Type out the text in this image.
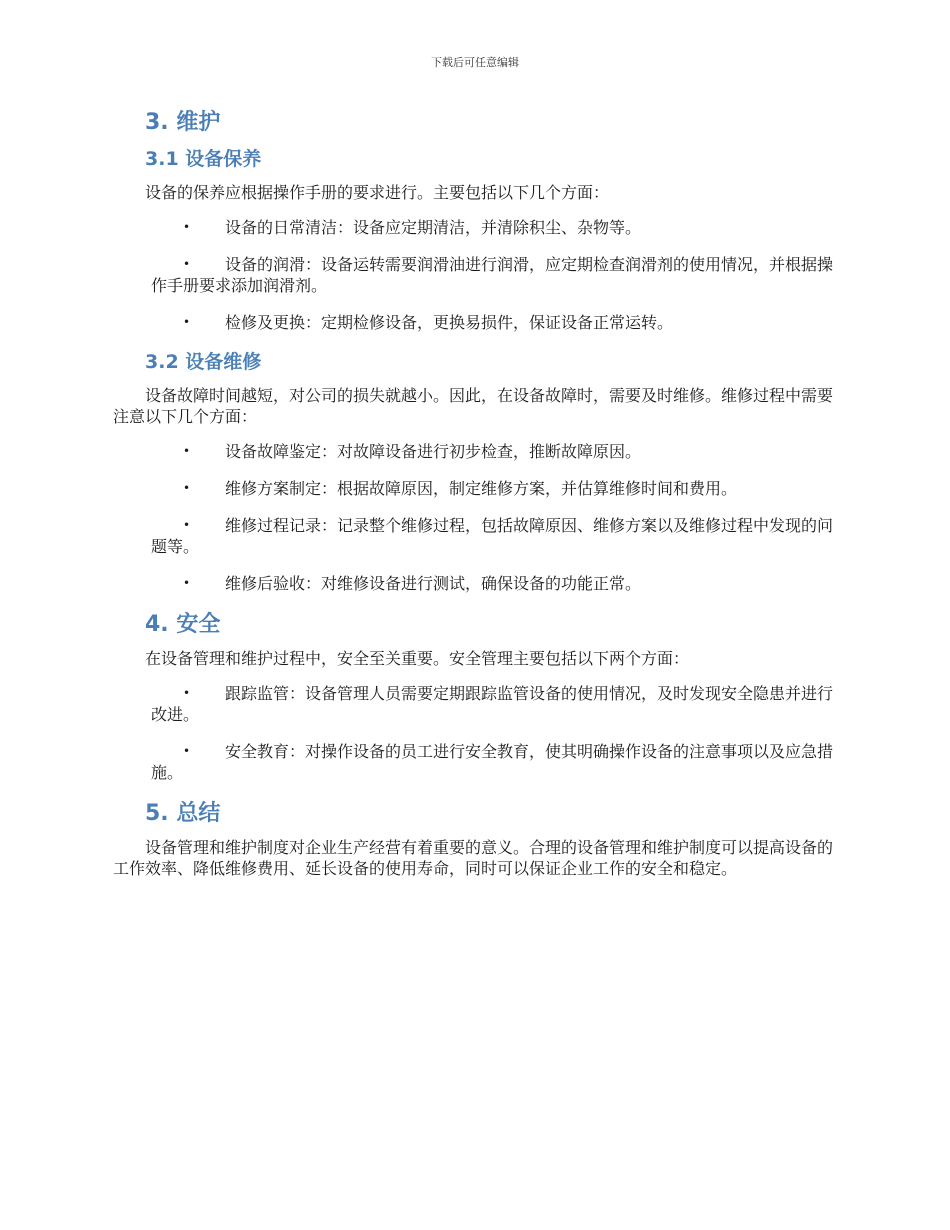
下载后可任意编辑
3. 维护
3.1 设备保养

设备的保养应根据操作手册的要求进行。主要包括以下几个方面：

•	设备的日常清洁：设备应定期清洁，并清除积尘、杂物等。
•	设备的润滑：设备运转需要润滑油进行润滑，应定期检查润滑剂的使用情况，并根据操作手册要求添加润滑剂。
•	检修及更换：定期检修设备，更换易损件，保证设备正常运转。
3.2 设备维修

设备故障时间越短，对公司的损失就越小。因此，在设备故障时，需要及时维修。维修过程中需要注意以下几个方面：

•	设备故障鉴定：对故障设备进行初步检查，推断故障原因。
•	维修方案制定：根据故障原因，制定维修方案，并估算维修时间和费用。
•	维修过程记录：记录整个维修过程，包括故障原因、维修方案以及维修过程中发现的问题等。
•	维修后验收：对维修设备进行测试，确保设备的功能正常。
4. 安全

在设备管理和维护过程中，安全至关重要。安全管理主要包括以下两个方面：

•	跟踪监管：设备管理人员需要定期跟踪监管设备的使用情况，及时发现安全隐患并进行改进。
•	安全教育：对操作设备的员工进行安全教育，使其明确操作设备的注意事项以及应急措施。
5. 总结

设备管理和维护制度对企业生产经营有着重要的意义。合理的设备管理和维护制度可以提高设备的工作效率、降低维修费用、延长设备的使用寿命，同时可以保证企业工作的安全和稳定。
